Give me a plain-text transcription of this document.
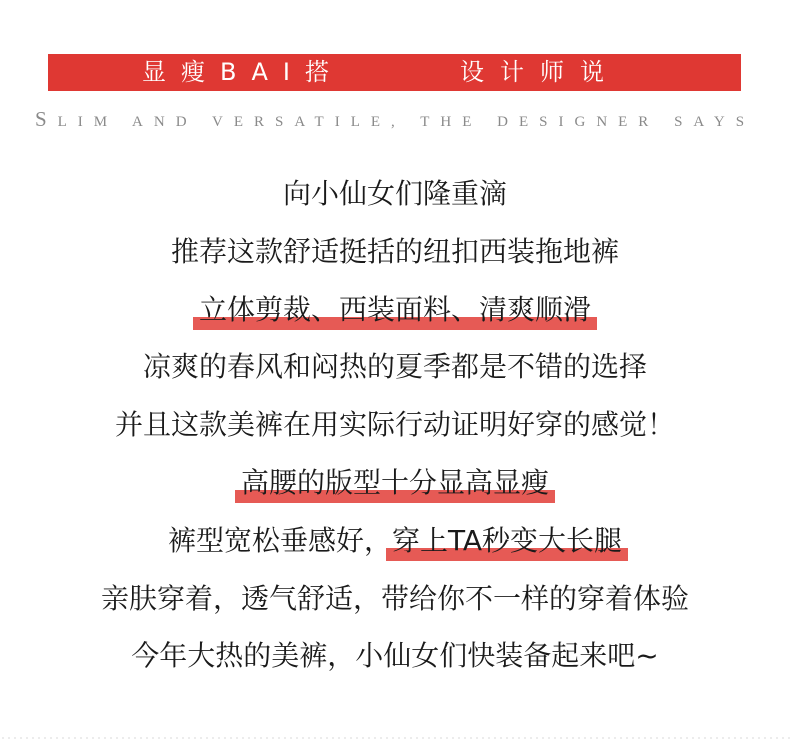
显瘦BAI搭	设计师说
SLIM AND VERSATILE, THE DESIGNER SAYS
向小仙女们隆重滴
推荐这款舒适挺括的纽扣西装拖地裤
立体剪裁、西装面料、清爽顺滑
凉爽的春风和闷热的夏季都是不错的选择
并且这款美裤在用实际行动证明好穿的感觉！
高腰的版型十分显高显瘦
裤型宽松垂感好，
穿上TA秒变大长腿
亲肤穿着，透气舒适，带给你不一样的穿着体验
今年大热的美裤，小仙女们快装备起来吧~
